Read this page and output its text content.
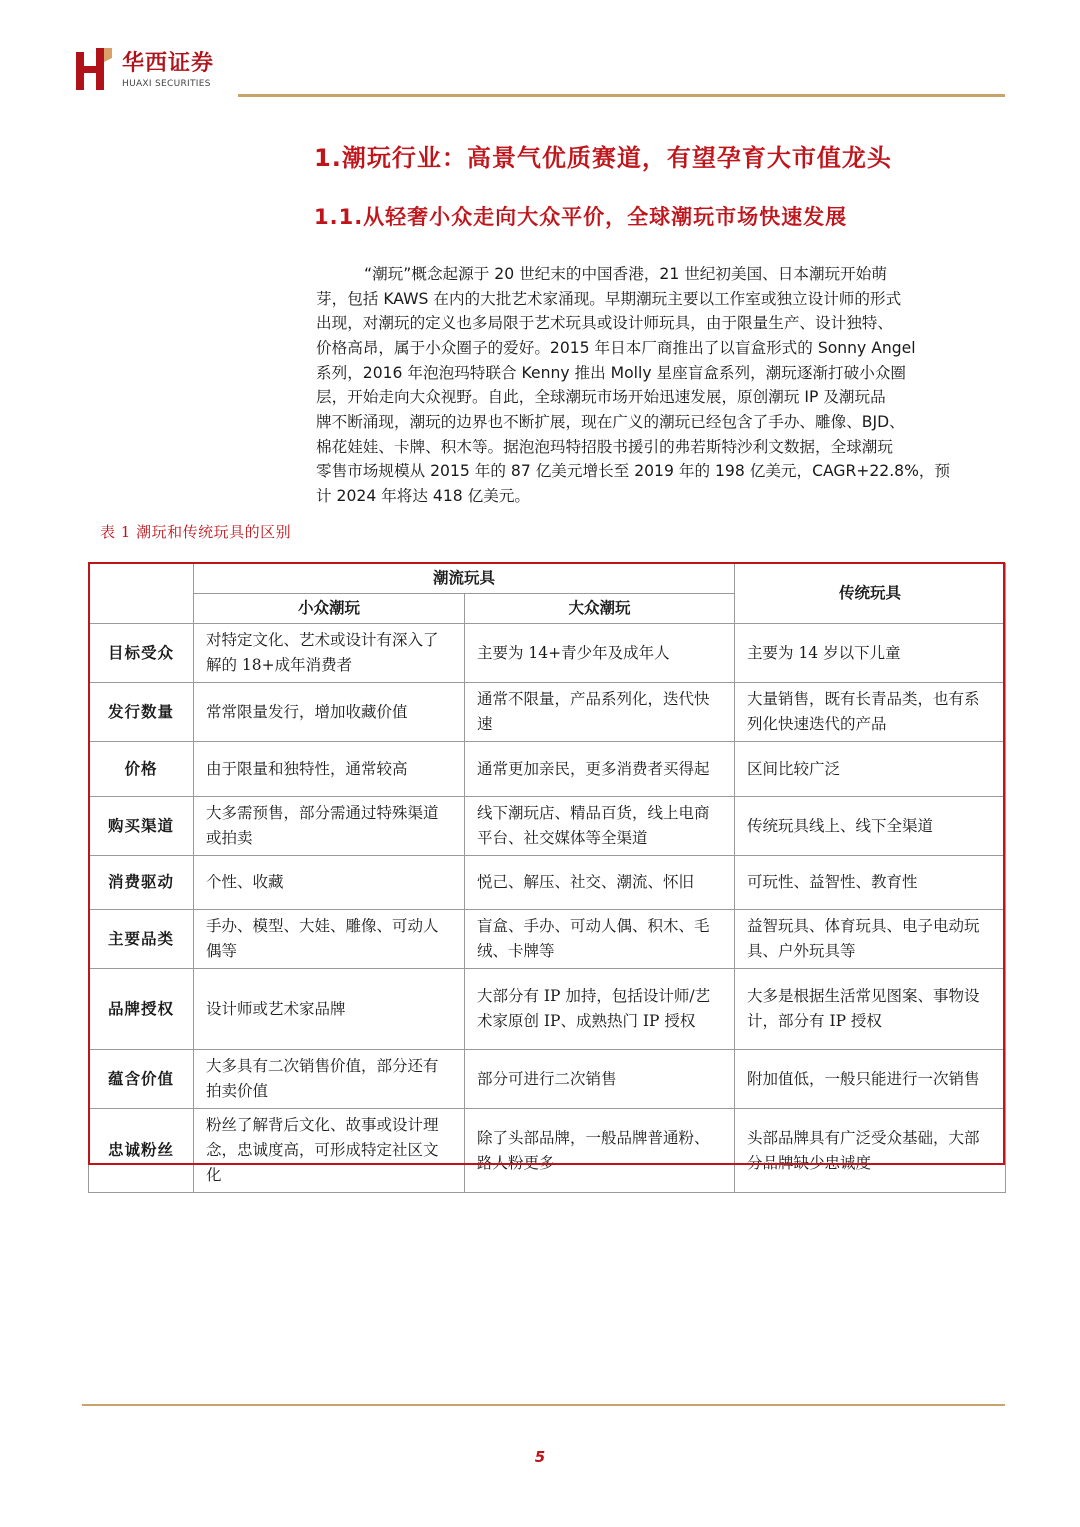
华西证券
HUAXI SECURITIES
1.潮玩行业：高景气优质赛道，有望孕育大市值龙头
1.1.从轻奢小众走向大众平价，全球潮玩市场快速发展
“潮玩”概念起源于 20 世纪末的中国香港，21 世纪初美国、日本潮玩开始萌
芽，包括 KAWS 在内的大批艺术家涌现。早期潮玩主要以工作室或独立设计师的形式
出现，对潮玩的定义也多局限于艺术玩具或设计师玩具，由于限量生产、设计独特、
价格高昂，属于小众圈子的爱好。2015 年日本厂商推出了以盲盒形式的 Sonny Angel
系列，2016 年泡泡玛特联合 Kenny 推出 Molly 星座盲盒系列，潮玩逐渐打破小众圈
层，开始走向大众视野。自此，全球潮玩市场开始迅速发展，原创潮玩 IP 及潮玩品
牌不断涌现，潮玩的边界也不断扩展，现在广义的潮玩已经包含了手办、雕像、BJD、
棉花娃娃、卡牌、积木等。据泡泡玛特招股书援引的弗若斯特沙利文数据，全球潮玩
零售市场规模从 2015 年的 87 亿美元增长至 2019 年的 198 亿美元，CAGR+22.8%，预
计 2024 年将达 418 亿美元。
表 1 潮玩和传统玩具的区别
	潮流玩具		传统玩具
	小众潮玩	大众潮玩	
目标受众	对特定文化、艺术或设计有深入了解的 18+成年消费者	主要为 14+青少年及成年人	主要为 14 岁以下儿童
发行数量	常常限量发行，增加收藏价值	通常不限量，产品系列化，迭代快速	大量销售，既有长青品类，也有系列化快速迭代的产品
价格	由于限量和独特性，通常较高	通常更加亲民，更多消费者买得起	区间比较广泛
购买渠道	大多需预售，部分需通过特殊渠道或拍卖	线下潮玩店、精品百货，线上电商平台、社交媒体等全渠道	传统玩具线上、线下全渠道
消费驱动	个性、收藏	悦己、解压、社交、潮流、怀旧	可玩性、益智性、教育性
主要品类	手办、模型、大娃、雕像、可动人偶等	盲盒、手办、可动人偶、积木、毛绒、卡牌等	益智玩具、体育玩具、电子电动玩具、户外玩具等
品牌授权	设计师或艺术家品牌	大部分有 IP 加持，包括设计师/艺术家原创 IP、成熟热门 IP 授权	大多是根据生活常见图案、事物设计，部分有 IP 授权
蕴含价值	大多具有二次销售价值，部分还有拍卖价值	部分可进行二次销售	附加值低，一般只能进行一次销售
忠诚粉丝	粉丝了解背后文化、故事或设计理念，忠诚度高，可形成特定社区文化	除了头部品牌，一般品牌普通粉、	头部品牌具有广泛受众基础，大部
5
